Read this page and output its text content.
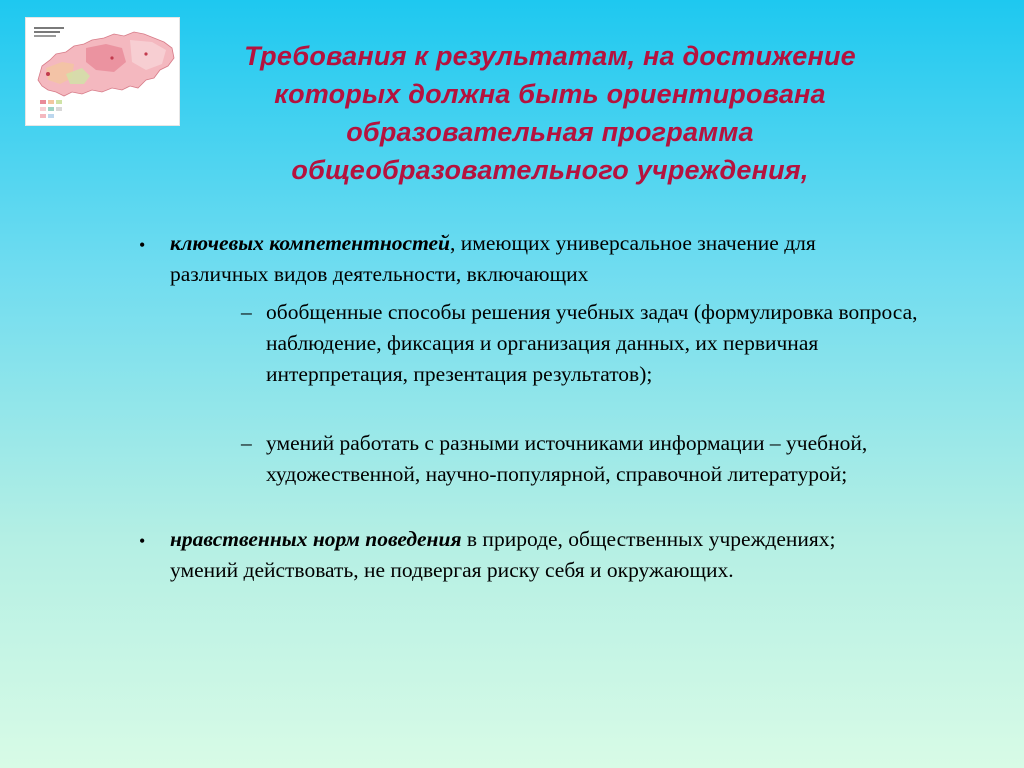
Требования к результатам, на достижение которых должна быть ориентирована образовательная программа общеобразовательного учреждения,
• ключевых компетентностей, имеющих универсальное значение для различных видов деятельности, включающих
– обобщенные способы решения учебных задач (формулировка вопроса, наблюдение, фиксация и организация данных, их первичная интерпретация, презентация результатов);
– умений работать с разными источниками информации – учебной, художественной, научно-популярной, справочной литературой;
• нравственных норм поведения в природе, общественных учреждениях; умений действовать, не подвергая риску себя и окружающих.
